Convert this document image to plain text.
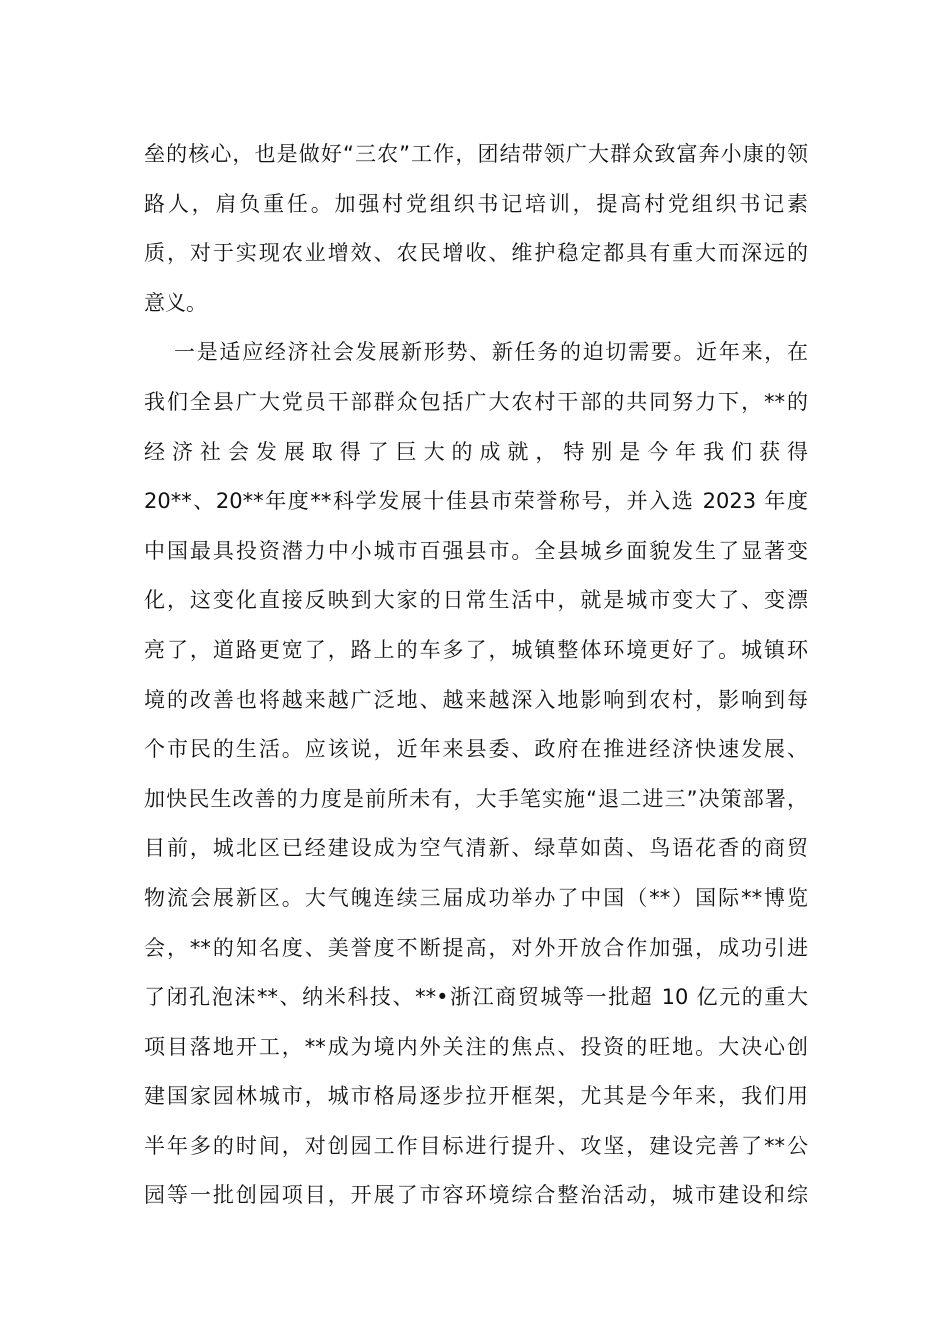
垒的核心，也是做好“三农”工作，团结带领广大群众致富奔小康的领
路人，肩负重任。加强村党组织书记培训，提高村党组织书记素
质，对于实现农业增效、农民增收、维护稳定都具有重大而深远的
意义。
一是适应经济社会发展新形势、新任务的迫切需要。近年来，在
我们全县广大党员干部群众包括广大农村干部的共同努力下，**的
经济社会发展取得了巨大的成就，特别是今年我们获得
20**、20**年度**科学发展十佳县市荣誉称号，并入选 2023 年度
中国最具投资潜力中小城市百强县市。全县城乡面貌发生了显著变
化，这变化直接反映到大家的日常生活中，就是城市变大了、变漂
亮了，道路更宽了，路上的车多了，城镇整体环境更好了。城镇环
境的改善也将越来越广泛地、越来越深入地影响到农村，影响到每
个市民的生活。应该说，近年来县委、政府在推进经济快速发展、
加快民生改善的力度是前所未有，大手笔实施“退二进三”决策部署，
目前，城北区已经建设成为空气清新、绿草如茵、鸟语花香的商贸
物流会展新区。大气魄连续三届成功举办了中国（**）国际**博览
会，**的知名度、美誉度不断提高，对外开放合作加强，成功引进
了闭孔泡沫**、纳米科技、**•浙江商贸城等一批超 10 亿元的重大
项目落地开工，**成为境内外关注的焦点、投资的旺地。大决心创
建国家园林城市，城市格局逐步拉开框架，尤其是今年来，我们用
半年多的时间，对创园工作目标进行提升、攻坚，建设完善了**公
园等一批创园项目，开展了市容环境综合整治活动，城市建设和综
